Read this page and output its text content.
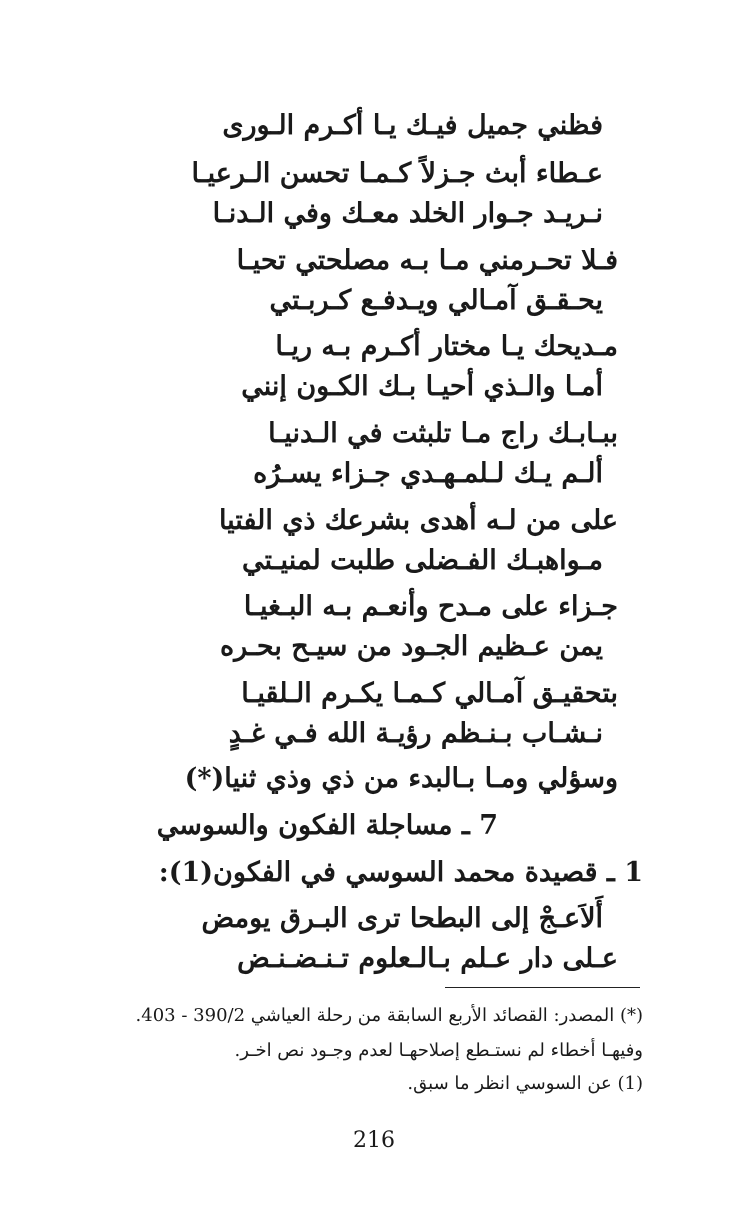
فظني جميل فيـك يـا أكـرم الـورى
عـطاء أبث جـزلاً كـمـا تحسن الـرعيـا
نـريـد جـوار الخلد معـك وفي الـدنـا
فـلا تحـرمني مـا بـه مصلحتي تحيـا
يحـقـق آمـالي ويـدفـع كـربـتي
مـديحك يـا مختار أكـرم بـه ريـا
أمـا والـذي أحيـا بـك الكـون إنني
ببـابـك راج مـا تلبثت في الـدنيـا
ألـم يـك لـلمـهـدي جـزاء يسـرُه
على من لـه أهدى بشرعك ذي الفتيا
مـواهبـك الفـضلى طلبت لمنيـتي
جـزاء على مـدح وأنعـم بـه البـغيـا
يمن عـظيم الجـود من سيـح بحـره
بتحقيـق آمـالي كـمـا يكـرم الـلقيـا
نـشـاب بـنـظم رؤيـة الله فـي غـدٍ
وسؤلي ومـا بـالبدء من ذي وذي ثنيا(*)
7 ـ مساجلة الفكون والسوسي
1 ـ قصيدة محمد السوسي في الفكون(1):
أَلاَعـجْ إلى البطحا ترى البـرق يومض
عـلى دار عـلم بـالـعلوم تـنـضـنـض
(*) المصدر: القصائد الأربع السابقة من رحلة العياشي 390/2 - 403.
وفيهـا أخطاء لم نستـطع إصلاحهـا لعدم وجـود نص اخـر.
(1) عن السوسي انظر ما سبق.
216
